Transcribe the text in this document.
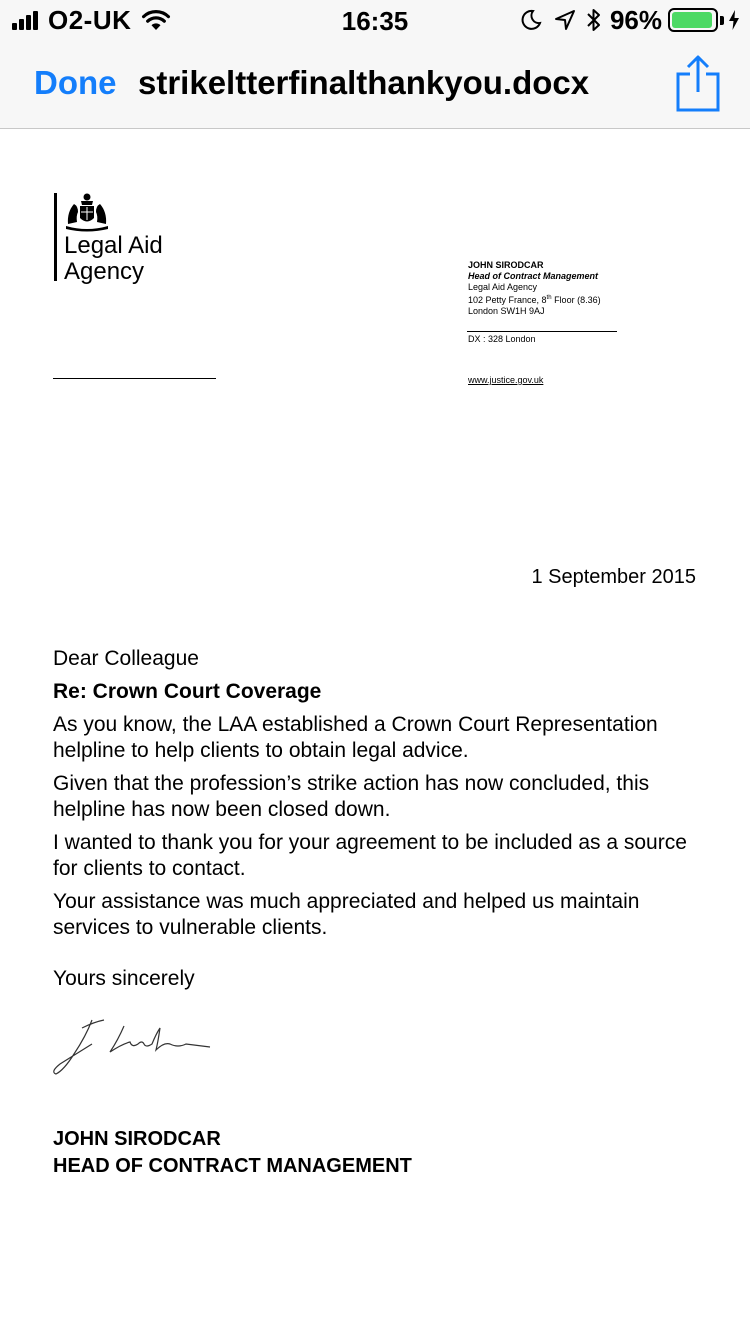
O2-UK	16:35	96%
Done strikeltterfinalthankyou.docx
Legal Aid
Agency	JOHN SIRODCAR
Head of Contract Management
Legal Aid Agency
102 Petty France, 8th Floor (8.36)
London SW1H 9AJ
DX : 328 London
www.justice.gov.uk
1 September 2015

Dear Colleague

Re: Crown Court Coverage

As you know, the LAA established a Crown Court Representation helpline to help clients to obtain legal advice.

Given that the profession’s strike action has now concluded, this helpline has now been closed down.

I wanted to thank you for your agreement to be included as a source for clients to contact.

Your assistance was much appreciated and helped us maintain services to vulnerable clients.

Yours sincerely

JOHN SIRODCAR
HEAD OF CONTRACT MANAGEMENT
